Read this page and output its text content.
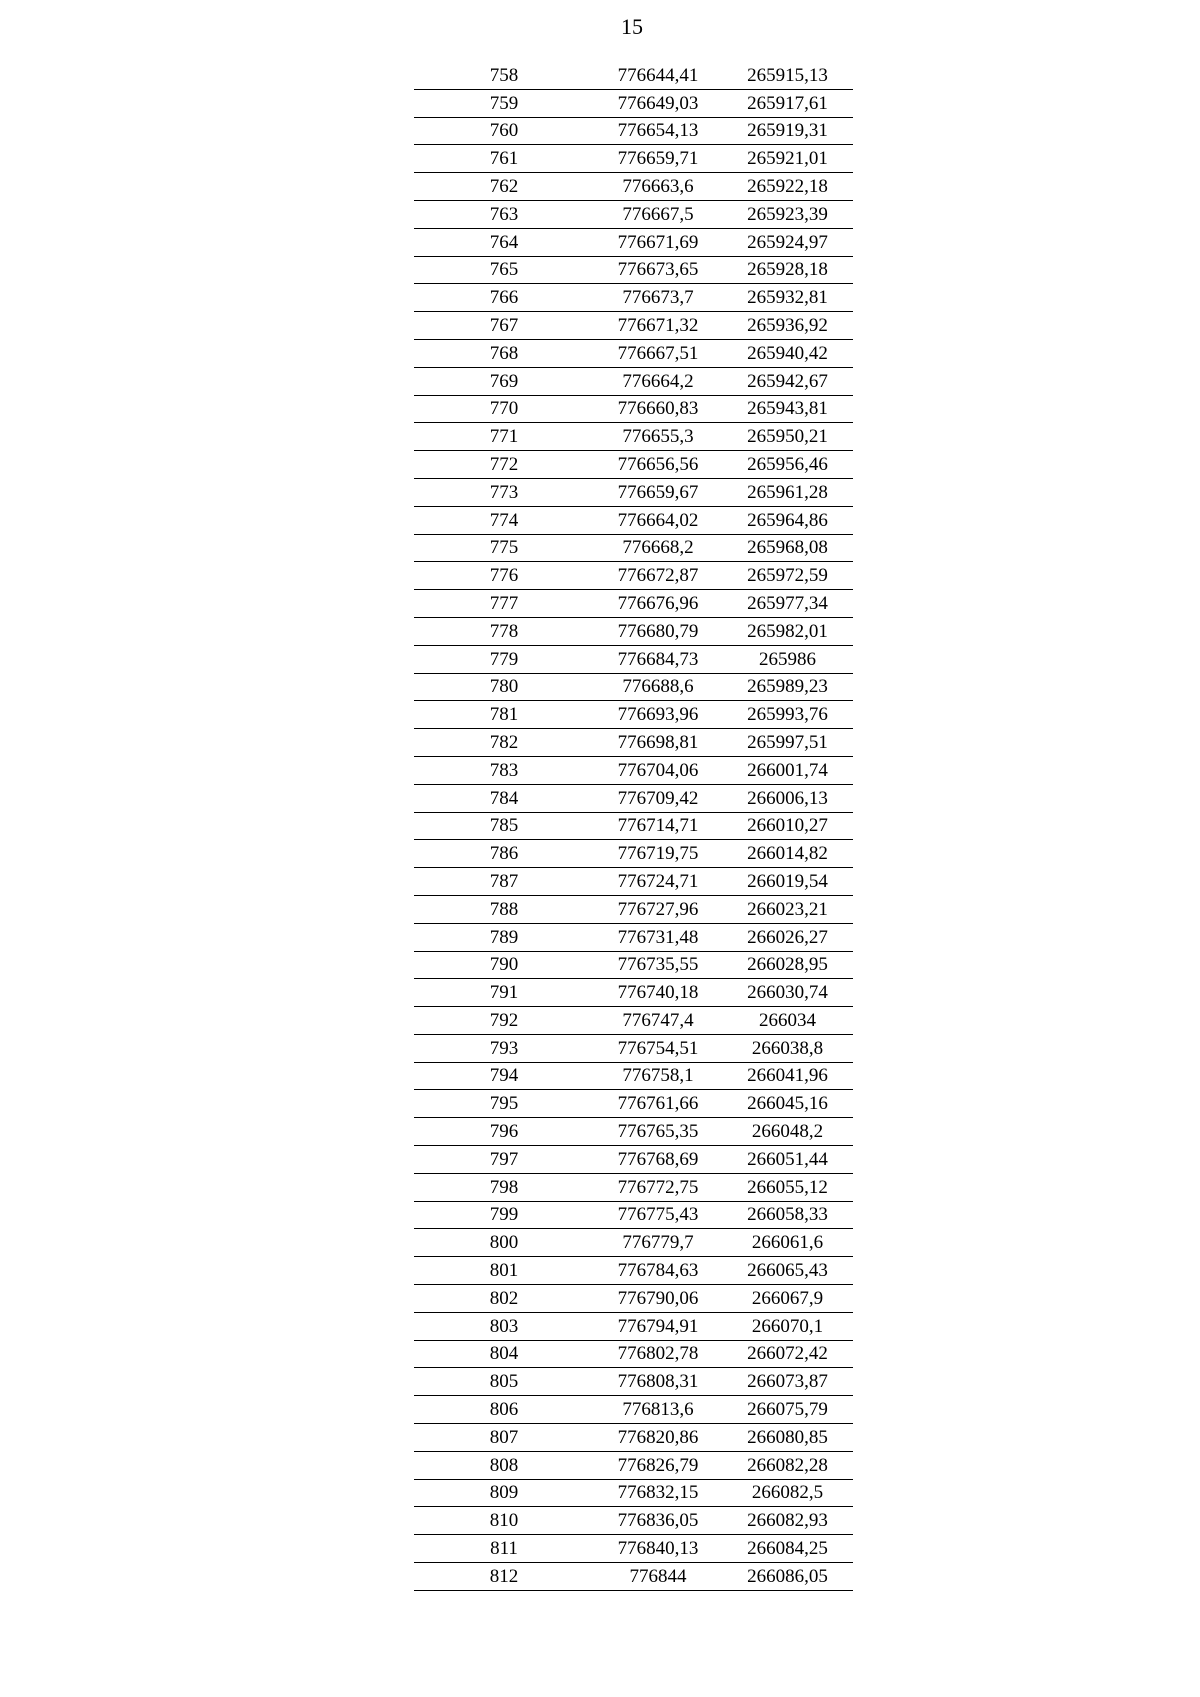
15
758	776644,41	265915,13
759	776649,03	265917,61
760	776654,13	265919,31
761	776659,71	265921,01
762	776663,6	265922,18
763	776667,5	265923,39
764	776671,69	265924,97
765	776673,65	265928,18
766	776673,7	265932,81
767	776671,32	265936,92
768	776667,51	265940,42
769	776664,2	265942,67
770	776660,83	265943,81
771	776655,3	265950,21
772	776656,56	265956,46
773	776659,67	265961,28
774	776664,02	265964,86
775	776668,2	265968,08
776	776672,87	265972,59
777	776676,96	265977,34
778	776680,79	265982,01
779	776684,73	265986
780	776688,6	265989,23
781	776693,96	265993,76
782	776698,81	265997,51
783	776704,06	266001,74
784	776709,42	266006,13
785	776714,71	266010,27
786	776719,75	266014,82
787	776724,71	266019,54
788	776727,96	266023,21
789	776731,48	266026,27
790	776735,55	266028,95
791	776740,18	266030,74
792	776747,4	266034
793	776754,51	266038,8
794	776758,1	266041,96
795	776761,66	266045,16
796	776765,35	266048,2
797	776768,69	266051,44
798	776772,75	266055,12
799	776775,43	266058,33
800	776779,7	266061,6
801	776784,63	266065,43
802	776790,06	266067,9
803	776794,91	266070,1
804	776802,78	266072,42
805	776808,31	266073,87
806	776813,6	266075,79
807	776820,86	266080,85
808	776826,79	266082,28
809	776832,15	266082,5
810	776836,05	266082,93
811	776840,13	266084,25
812	776844	266086,05
